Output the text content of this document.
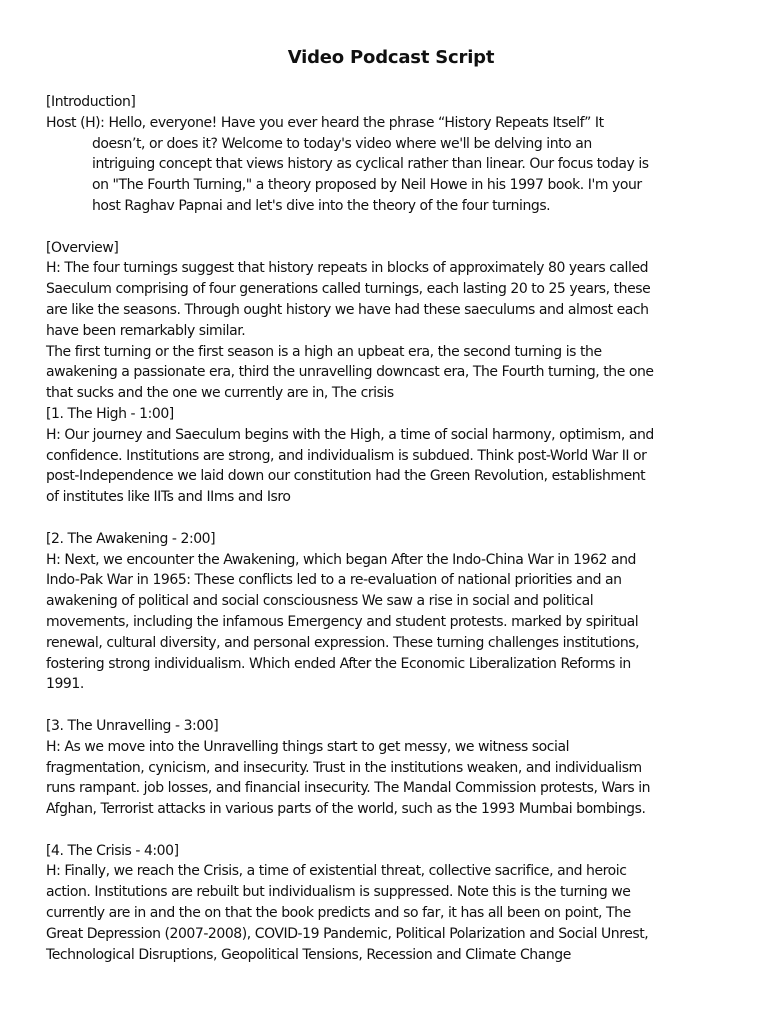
Video Podcast Script
[Introduction]
Host (H): Hello, everyone! Have you ever heard the phrase “History Repeats Itself” It
doesn’t, or does it? Welcome to today's video where we'll be delving into an
intriguing concept that views history as cyclical rather than linear. Our focus today is
on "The Fourth Turning," a theory proposed by Neil Howe in his 1997 book. I'm your
host Raghav Papnai and let's dive into the theory of the four turnings.
[Overview]
H: The four turnings suggest that history repeats in blocks of approximately 80 years called
Saeculum comprising of four generations called turnings, each lasting 20 to 25 years, these
are like the seasons. Through ought history we have had these saeculums and almost each
have been remarkably similar.
The first turning or the first season is a high an upbeat era, the second turning is the
awakening a passionate era, third the unravelling downcast era, The Fourth turning, the one
that sucks and the one we currently are in, The crisis
[1. The High - 1:00]
H: Our journey and Saeculum begins with the High, a time of social harmony, optimism, and
confidence. Institutions are strong, and individualism is subdued. Think post-World War II or
post-Independence we laid down our constitution had the Green Revolution, establishment
of institutes like IITs and IIms and Isro
[2. The Awakening - 2:00]
H: Next, we encounter the Awakening, which began After the Indo-China War in 1962 and
Indo-Pak War in 1965: These conflicts led to a re-evaluation of national priorities and an
awakening of political and social consciousness We saw a rise in social and political
movements, including the infamous Emergency and student protests. marked by spiritual
renewal, cultural diversity, and personal expression. These turning challenges institutions,
fostering strong individualism. Which ended After the Economic Liberalization Reforms in
1991.
[3. The Unravelling - 3:00]
H: As we move into the Unravelling things start to get messy, we witness social
fragmentation, cynicism, and insecurity. Trust in the institutions weaken, and individualism
runs rampant. job losses, and financial insecurity. The Mandal Commission protests, Wars in
Afghan, Terrorist attacks in various parts of the world, such as the 1993 Mumbai bombings.
[4. The Crisis - 4:00]
H: Finally, we reach the Crisis, a time of existential threat, collective sacrifice, and heroic
action. Institutions are rebuilt but individualism is suppressed. Note this is the turning we
currently are in and the on that the book predicts and so far, it has all been on point, The
Great Depression (2007-2008), COVID-19 Pandemic, Political Polarization and Social Unrest,
Technological Disruptions, Geopolitical Tensions, Recession and Climate Change
